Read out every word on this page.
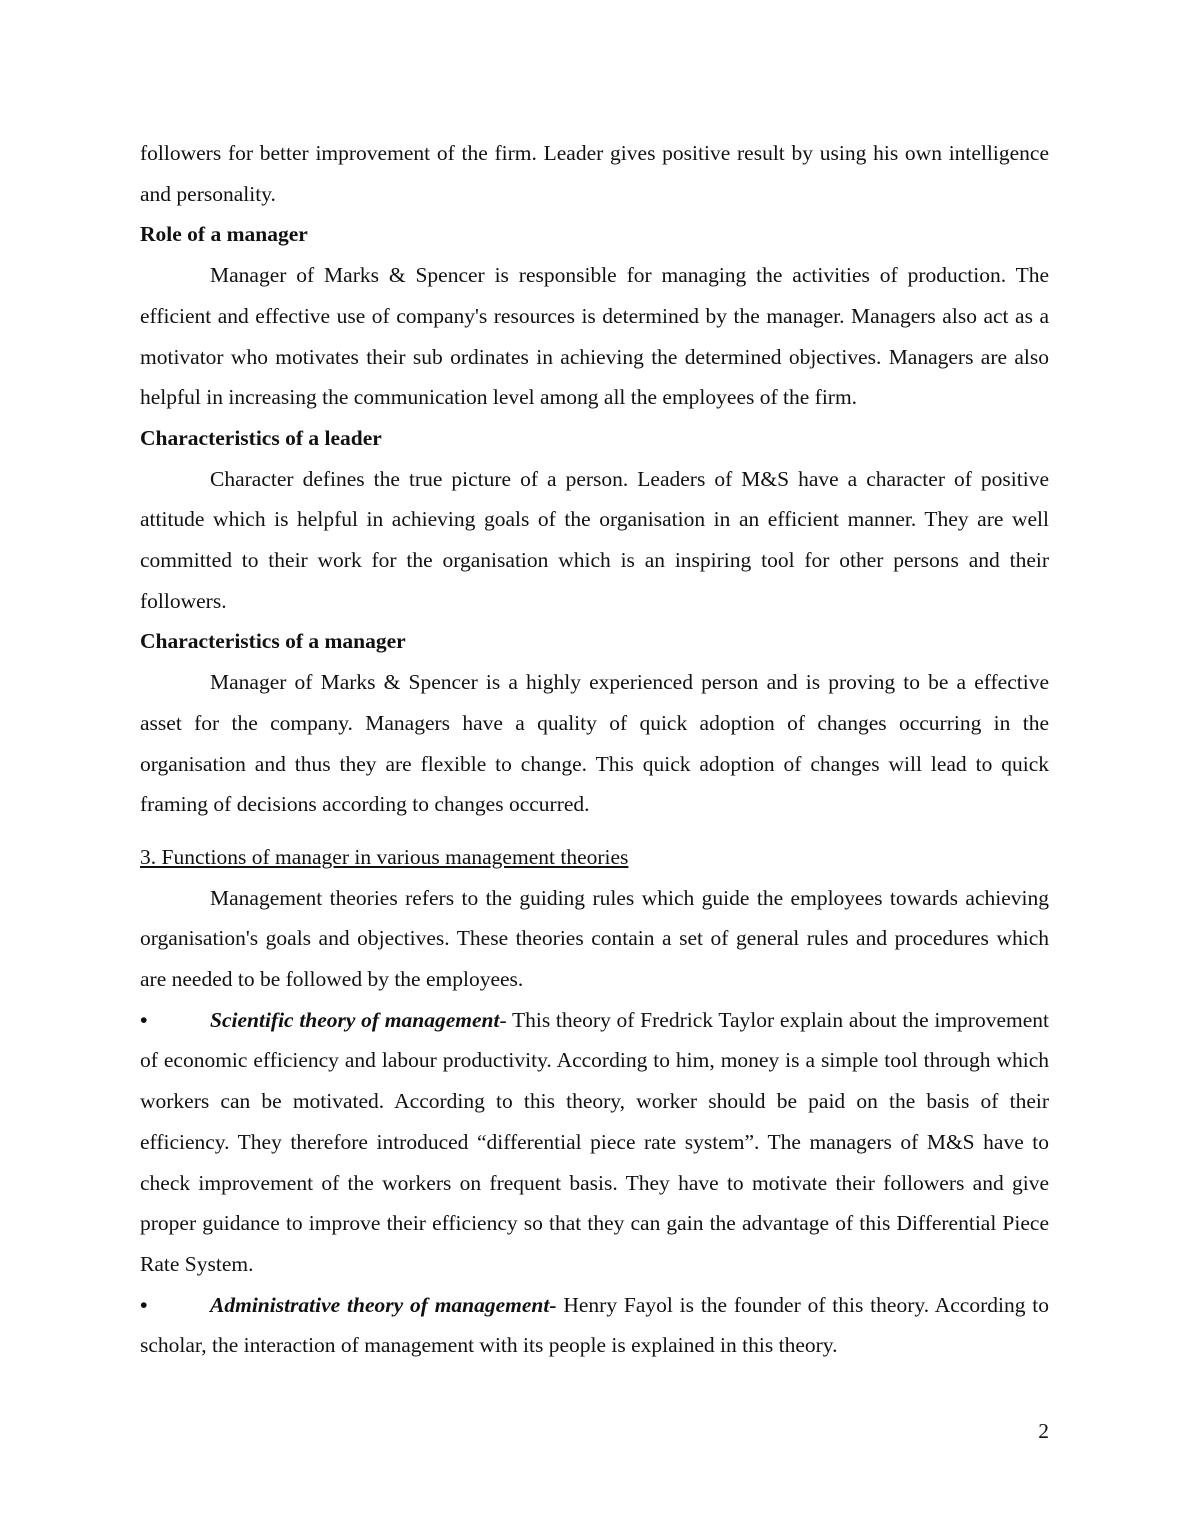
followers for better improvement of the firm. Leader gives positive result by using his own intelligence and personality.

Role of a manager

Manager of Marks & Spencer is responsible for managing the activities of production. The efficient and effective use of company's resources is determined by the manager. Managers also act as a motivator who motivates their sub ordinates in achieving the determined objectives. Managers are also helpful in increasing the communication level among all the employees of the firm.

Characteristics of a leader

Character defines the true picture of a person. Leaders of M&S have a character of positive attitude which is helpful in achieving goals of the organisation in an efficient manner. They are well committed to their work for the organisation which is an inspiring tool for other persons and their followers.

Characteristics of a manager

Manager of Marks & Spencer is a highly experienced person and is proving to be a effective asset for the company. Managers have a quality of quick adoption of changes occurring in the organisation and thus they are flexible to change. This quick adoption of changes will lead to quick framing of decisions according to changes occurred.

3. Functions of manager in various management theories

Management theories refers to the guiding rules which guide the employees towards achieving organisation's goals and objectives. These theories contain a set of general rules and procedures which are needed to be followed by the employees.

•	Scientific theory of management- This theory of Fredrick Taylor explain about the improvement of economic efficiency and labour productivity. According to him, money is a simple tool through which workers can be motivated. According to this theory, worker should be paid on the basis of their efficiency. They therefore introduced “differential piece rate system”. The managers of M&S have to check improvement of the workers on frequent basis. They have to motivate their followers and give proper guidance to improve their efficiency so that they can gain the advantage of this Differential Piece Rate System.

•	Administrative theory of management- Henry Fayol is the founder of this theory. According to scholar, the interaction of management with its people is explained in this theory.

2
